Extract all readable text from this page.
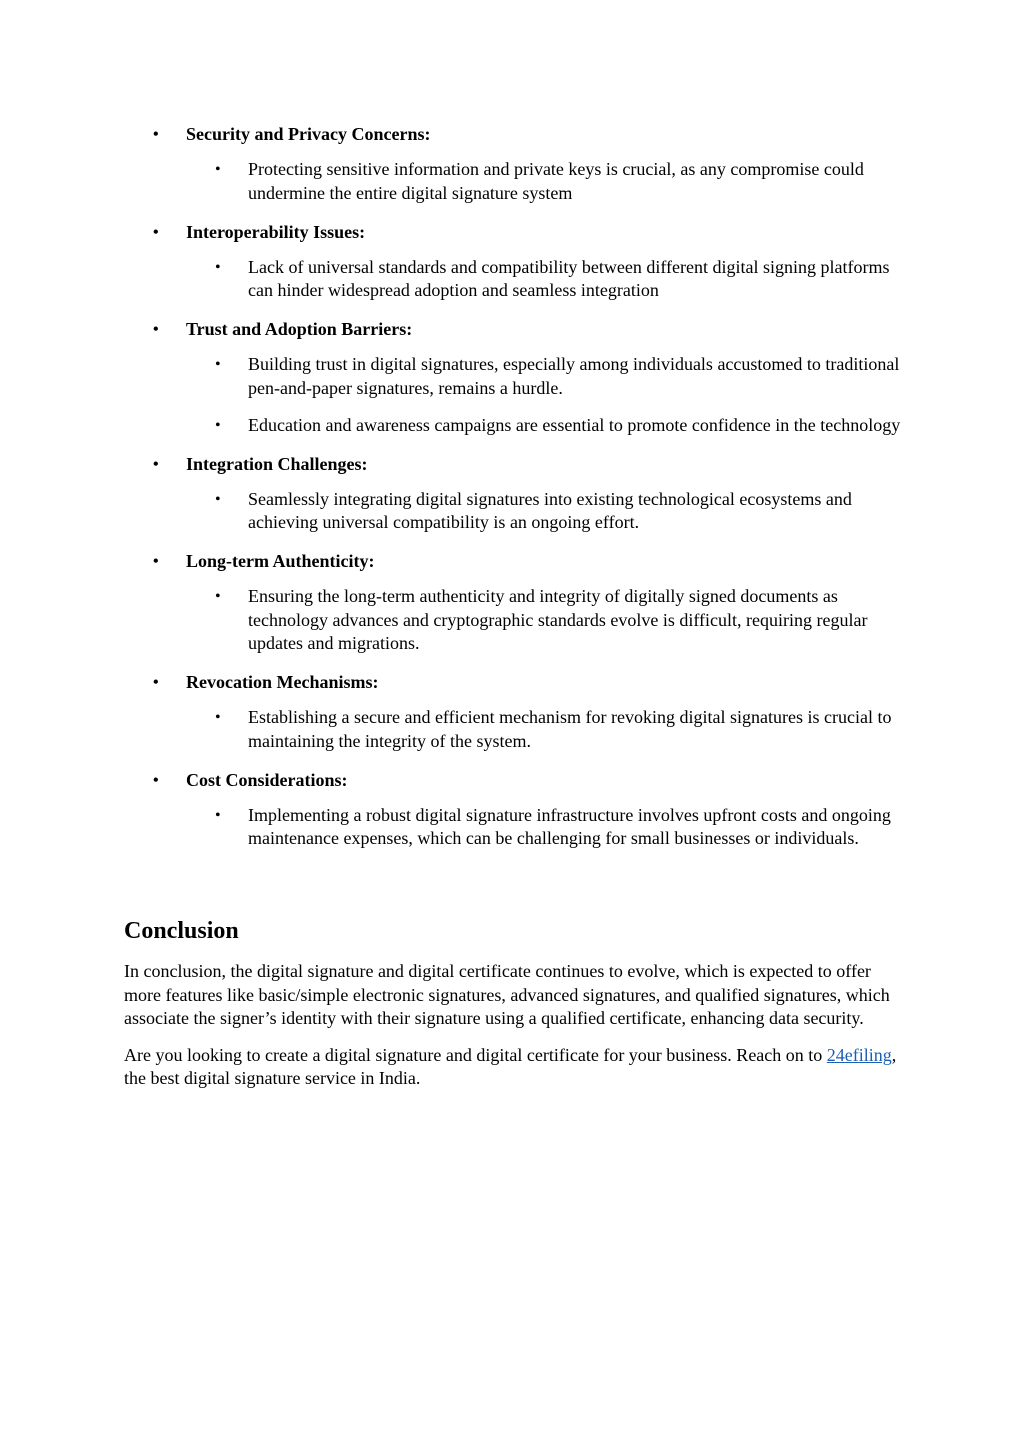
• Security and Privacy Concerns:
• Protecting sensitive information and private keys is crucial, as any compromise could undermine the entire digital signature system
• Interoperability Issues:
• Lack of universal standards and compatibility between different digital signing platforms can hinder widespread adoption and seamless integration
• Trust and Adoption Barriers:
• Building trust in digital signatures, especially among individuals accustomed to traditional pen-and-paper signatures, remains a hurdle.
• Education and awareness campaigns are essential to promote confidence in the technology
• Integration Challenges:
• Seamlessly integrating digital signatures into existing technological ecosystems and achieving universal compatibility is an ongoing effort.
• Long-term Authenticity:
• Ensuring the long-term authenticity and integrity of digitally signed documents as technology advances and cryptographic standards evolve is difficult, requiring regular updates and migrations.
• Revocation Mechanisms:
• Establishing a secure and efficient mechanism for revoking digital signatures is crucial to maintaining the integrity of the system.
• Cost Considerations:
• Implementing a robust digital signature infrastructure involves upfront costs and ongoing maintenance expenses, which can be challenging for small businesses or individuals.
Conclusion

In conclusion, the digital signature and digital certificate continues to evolve, which is expected to offer more features like basic/simple electronic signatures, advanced signatures, and qualified signatures, which associate the signer’s identity with their signature using a qualified certificate, enhancing data security.

Are you looking to create a digital signature and digital certificate for your business. Reach on to 24efiling, the best digital signature service in India.
